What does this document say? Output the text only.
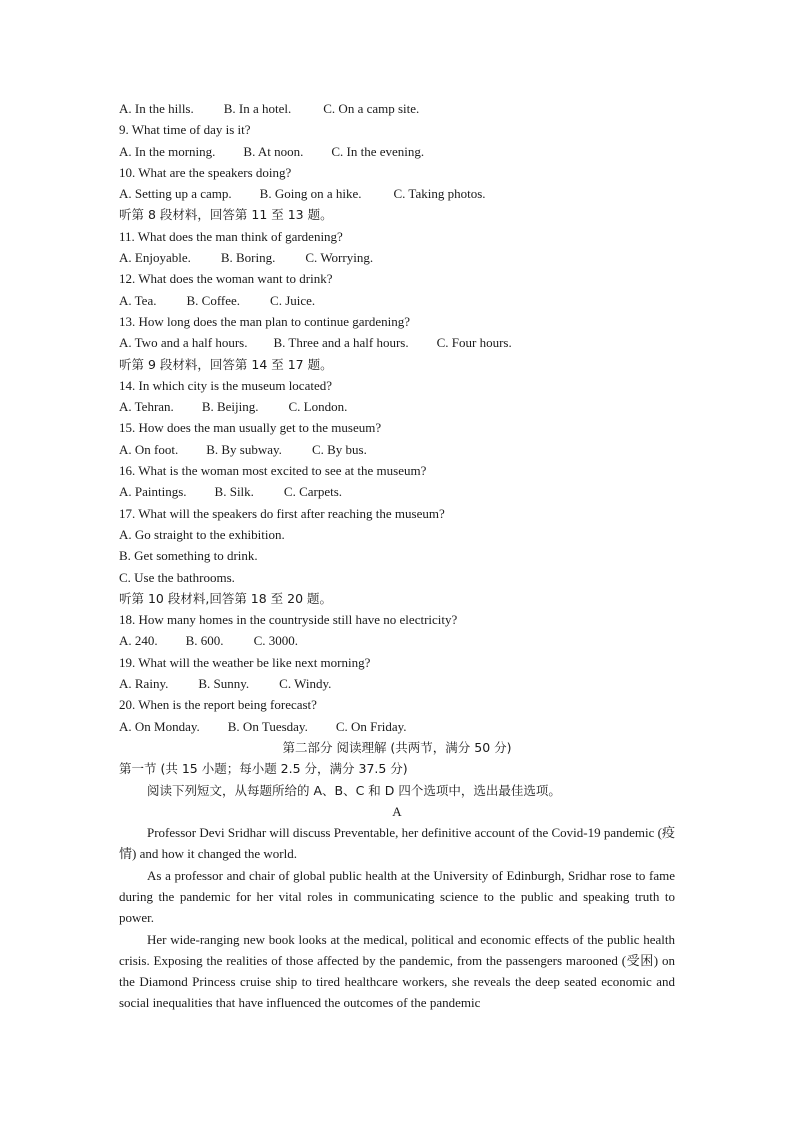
A. In the hills. B. In a hotel. C. On a camp site.
9. What time of day is it?
A. In the morning. B. At noon. C. In the evening.
10. What are the speakers doing?
A. Setting up a camp. B. Going on a hike. C. Taking photos.
听第 8 段材料，回答第 11 至 13 题。
11. What does the man think of gardening?
A. Enjoyable. B. Boring. C. Worrying.
12. What does the woman want to drink?
A. Tea. B. Coffee. C. Juice.
13. How long does the man plan to continue gardening?
A. Two and a half hours. B. Three and a half hours. C. Four hours.
听第 9 段材料，回答第 14 至 17 题。
14. In which city is the museum located?
A. Tehran. B. Beijing. C. London.
15. How does the man usually get to the museum?
A. On foot. B. By subway. C. By bus.
16. What is the woman most excited to see at the museum?
A. Paintings. B. Silk. C. Carpets.
17. What will the speakers do first after reaching the museum?
A. Go straight to the exhibition.
B. Get something to drink.
C. Use the bathrooms.
听第 10 段材料,回答第 18 至 20 题。
18. How many homes in the countryside still have no electricity?
A. 240. B. 600. C. 3000.
19. What will the weather be like next morning?
A. Rainy. B. Sunny. C. Windy.
20. When is the report being forecast?
A. On Monday. B. On Tuesday. C. On Friday.
第二部分 阅读理解 (共两节，满分 50 分)
第一节 (共 15 小题；每小题 2.5 分，满分 37.5 分)
阅读下列短文，从每题所给的 A、B、C 和 D 四个选项中，选出最佳选项。
A
Professor Devi Sridhar will discuss Preventable, her definitive account of the Covid-19 pandemic (疫情) and how it changed the world.
As a professor and chair of global public health at the University of Edinburgh, Sridhar rose to fame during the pandemic for her vital roles in communicating science to the public and speaking truth to power.
Her wide-ranging new book looks at the medical, political and economic effects of the public health crisis. Exposing the realities of those affected by the pandemic, from the passengers marooned (受困) on the Diamond Princess cruise ship to tired healthcare workers, she reveals the deep seated economic and social inequalities that have influenced the outcomes of the pandemic
